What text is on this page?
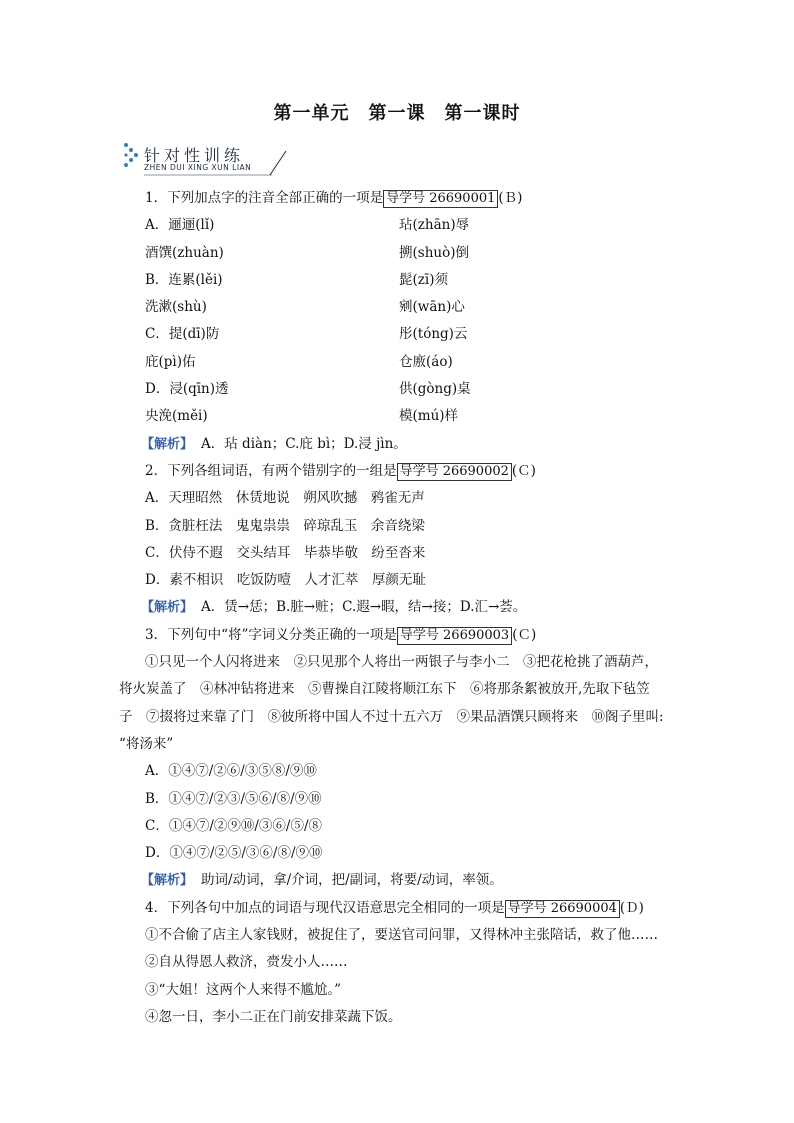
第一单元　第一课　第一课时
针对性训练
ZHEN DUI XING XUN LIAN
1．下列加点字的注音全部正确的一项是 导学号 26690001 (Ｂ)
A．逦逦(lǐ)	玷(zhān)辱
酒馔(zhuàn)	搠(shuò)倒
B．连累(lěi)	髭(zī)须
洗漱(shù)	剜(wān)心
C．提(dī)防	彤(tóng)云
庇(pì)佑	仓廒(áo)
D．浸(qīn)透	供(gòng)桌
央浼(měi)	模(mú)样
【解析】 A．玷 diàn；C.庇 bì；D.浸 jìn。
2．下列各组词语，有两个错别字的一组是 导学号 26690002 (Ｃ)
A．天理昭然　休赁地说　朔风吹撼　鸦雀无声
B．贪脏枉法　鬼鬼祟祟　碎琼乱玉　余音绕梁
C．伏侍不遐　交头结耳　毕恭毕敬　纷至沓来
D．素不相识　吃饭防噎　人才汇萃　厚颜无耻
【解析】 A．赁→恁；B.脏→赃；C.遐→暇，结→接；D.汇→荟。
3．下列句中“将”字词义分类正确的一项是 导学号 26690003 (Ｃ)
①只见一个人闪将进来　②只见那个人将出一两银子与李小二　③把花枪挑了酒葫芦，
将火炭盖了　④林冲钻将进来　⑤曹操自江陵将顺江东下　⑥将那条絮被放开,先取下毡笠
子　⑦掇将过来靠了门　⑧彼所将中国人不过十五六万　⑨果品酒馔只顾将来　⑩阁子里叫:
“将汤来”
A．①④⑦/②⑥/③⑤⑧/⑨⑩
B．①④⑦/②③/⑤⑥/⑧/⑨⑩
C．①④⑦/②⑨⑩/③⑥/⑤/⑧
D．①④⑦/②⑤/③⑥/⑧/⑨⑩
【解析】 助词/动词，拿/介词，把/副词，将要/动词，率领。
4．下列各句中加点的词语与现代汉语意思完全相同的一项是 导学号 26690004 (Ｄ)
①不合偷了店主人家钱财，被捉住了，要送官司问罪，又得林冲主张陪话，救了他……
②自从得恩人救济，赍发小人……
③“大姐！这两个人来得不尴尬。”
④忽一日，李小二正在门前安排菜蔬下饭。
